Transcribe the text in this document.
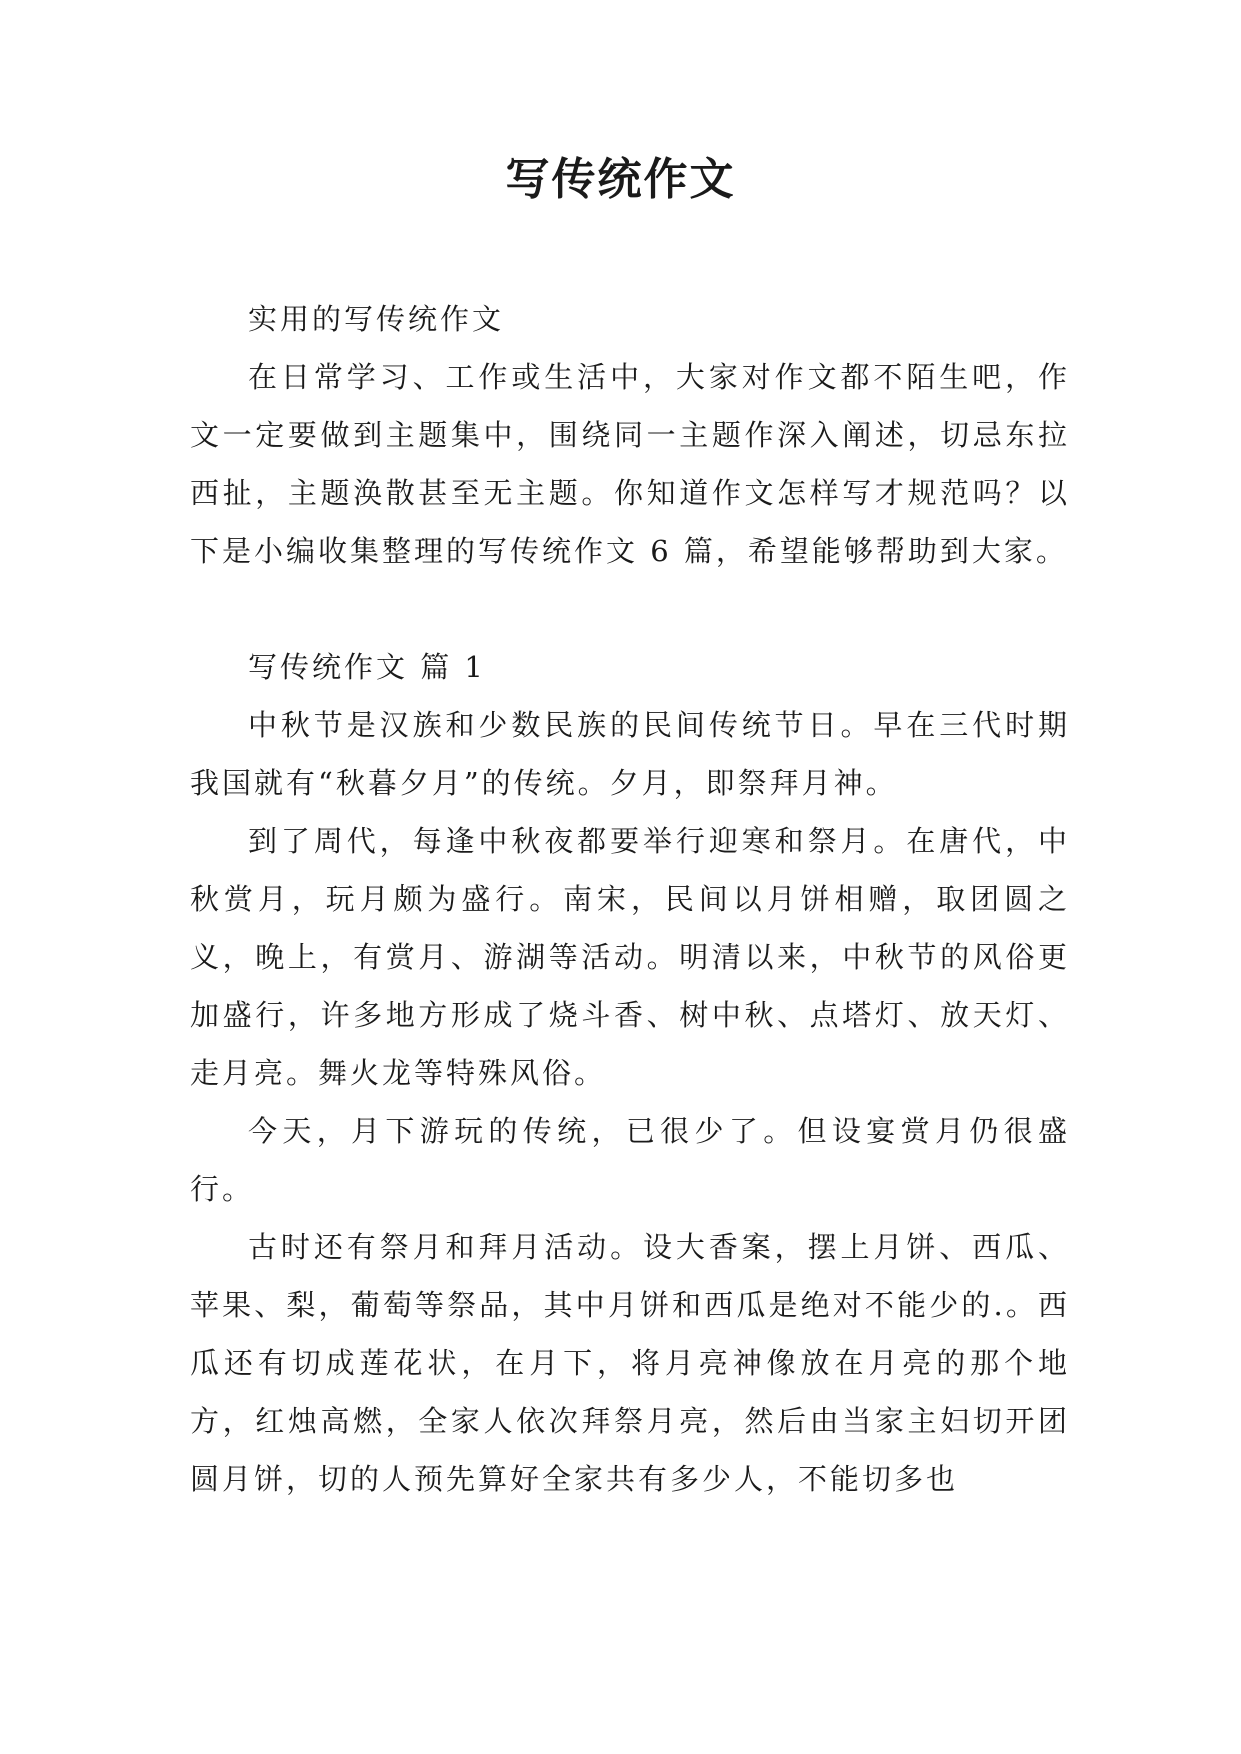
写传统作文

实用的写传统作文

在日常学习、工作或生活中，大家对作文都不陌生吧，作文一定要做到主题集中，围绕同一主题作深入阐述，切忌东拉西扯，主题涣散甚至无主题。你知道作文怎样写才规范吗？以下是小编收集整理的写传统作文 6 篇，希望能够帮助到大家。

写传统作文 篇 1

中秋节是汉族和少数民族的民间传统节日。早在三代时期我国就有“秋暮夕月”的传统。夕月，即祭拜月神。

到了周代，每逢中秋夜都要举行迎寒和祭月。在唐代，中秋赏月，玩月颇为盛行。南宋，民间以月饼相赠，取团圆之义，晚上，有赏月、游湖等活动。明清以来，中秋节的风俗更加盛行，许多地方形成了烧斗香、树中秋、点塔灯、放天灯、走月亮。舞火龙等特殊风俗。

今天，月下游玩的传统，已很少了。但设宴赏月仍很盛行。

古时还有祭月和拜月活动。设大香案，摆上月饼、西瓜、苹果、梨，葡萄等祭品，其中月饼和西瓜是绝对不能少的.。西瓜还有切成莲花状，在月下，将月亮神像放在月亮的那个地方，红烛高燃，全家人依次拜祭月亮，然后由当家主妇切开团圆月饼，切的人预先算好全家共有多少人，不能切多也
